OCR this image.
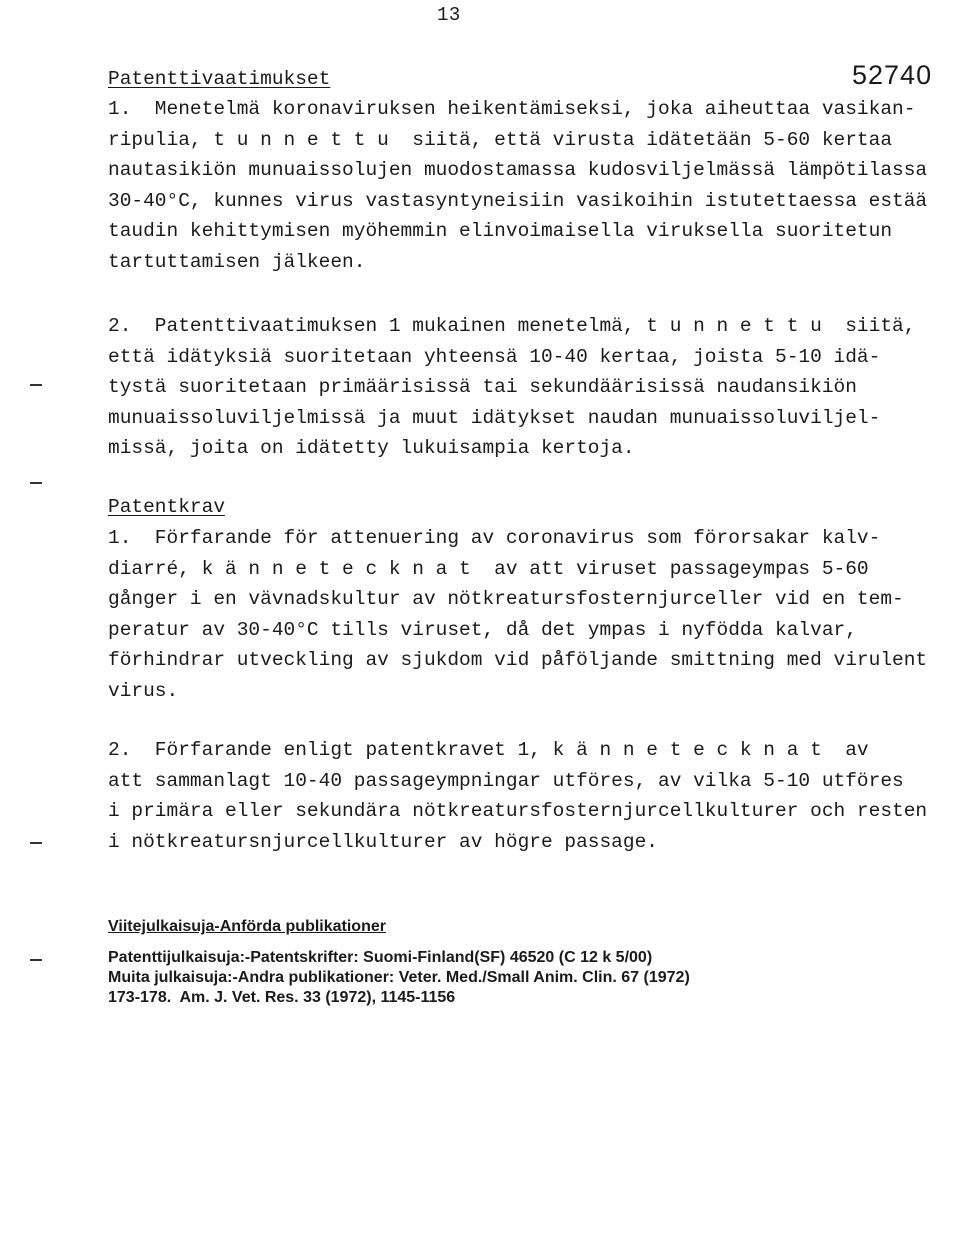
13
52740
Patenttivaatimukset
1.  Menetelmä koronaviruksen heikentämiseksi, joka aiheuttaa vasikan-
ripulia, t u n n e t t u  siitä, että virusta idätetään 5-60 kertaa
nautasikiön munuaissolujen muodostamassa kudosviljelmässä lämpötilassa
30-40°C, kunnes virus vastasyntyneisiin vasikoihin istutettaessa estää
taudin kehittymisen myöhemmin elinvoimaisella viruksella suoritetun
tartuttamisen jälkeen.
2.  Patenttivaatimuksen 1 mukainen menetelmä, t u n n e t t u  siitä,
että idätyksiä suoritetaan yhteensä 10-40 kertaa, joista 5-10 idä-
tystä suoritetaan primäärisissä tai sekundäärisissä naudansikiön
munuaissoluviljelmissä ja muut idätykset naudan munuaissoluviljel-
missä, joita on idätetty lukuisampia kertoja.
Patentkrav
1.  Förfarande för attenuering av coronavirus som förorsakar kalv-
diarré, k ä n n e t e c k n a t  av att viruset passageympas 5-60
gånger i en vävnadskultur av nötkreatursfosternjurceller vid en tem-
peratur av 30-40°C tills viruset, då det ympas i nyfödda kalvar,
förhindrar utveckling av sjukdom vid påföljande smittning med virulent
virus.
2.  Förfarande enligt patentkravet 1, k ä n n e t e c k n a t  av
att sammanlagt 10-40 passageympningar utföres, av vilka 5-10 utföres
i primära eller sekundära nötkreatursfosternjurcellkulturer och resten
i nötkreatursnjurcellkulturer av högre passage.
Viitejulkaisuja-Anförda publikationer
Patenttijulkaisuja:-Patentskrifter: Suomi-Finland(SF) 46520 (C 12 k 5/00)
Muita julkaisuja:-Andra publikationer: Veter. Med./Small Anim. Clin. 67 (1972)
173-178.  Am. J. Vet. Res. 33 (1972), 1145-1156
